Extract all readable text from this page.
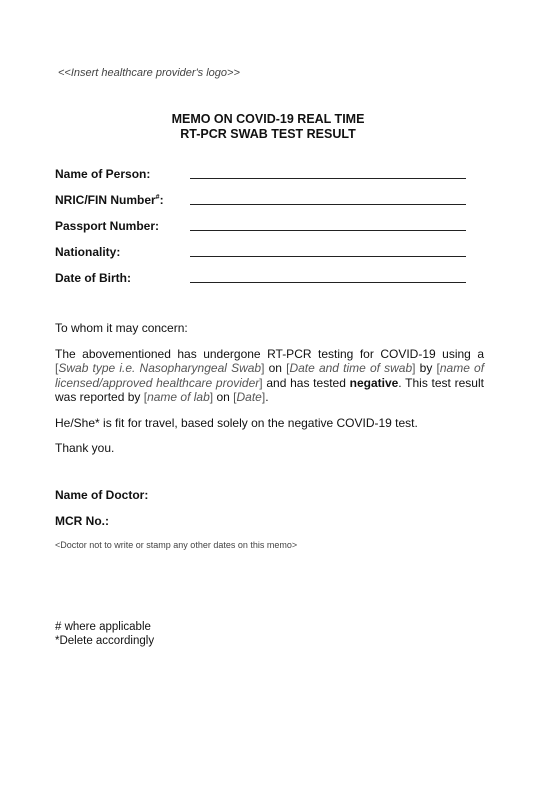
<<Insert healthcare provider's logo>>

MEMO ON COVID-19 REAL TIME
RT-PCR SWAB TEST RESULT
Name of Person:
NRIC/FIN Number#:
Passport Number:
Nationality:
Date of Birth:

To whom it may concern:

The abovementioned has undergone RT-PCR testing for COVID-19 using a [Swab type i.e. Nasopharyngeal Swab] on [Date and time of swab] by [name of licensed/approved healthcare provider] and has tested negative. This test result was reported by [name of lab] on [Date].

He/She* is fit for travel, based solely on the negative COVID-19 test.

Thank you.

Name of Doctor:

MCR No.:

<Doctor not to write or stamp any other dates on this memo>

# where applicable

*Delete accordingly
